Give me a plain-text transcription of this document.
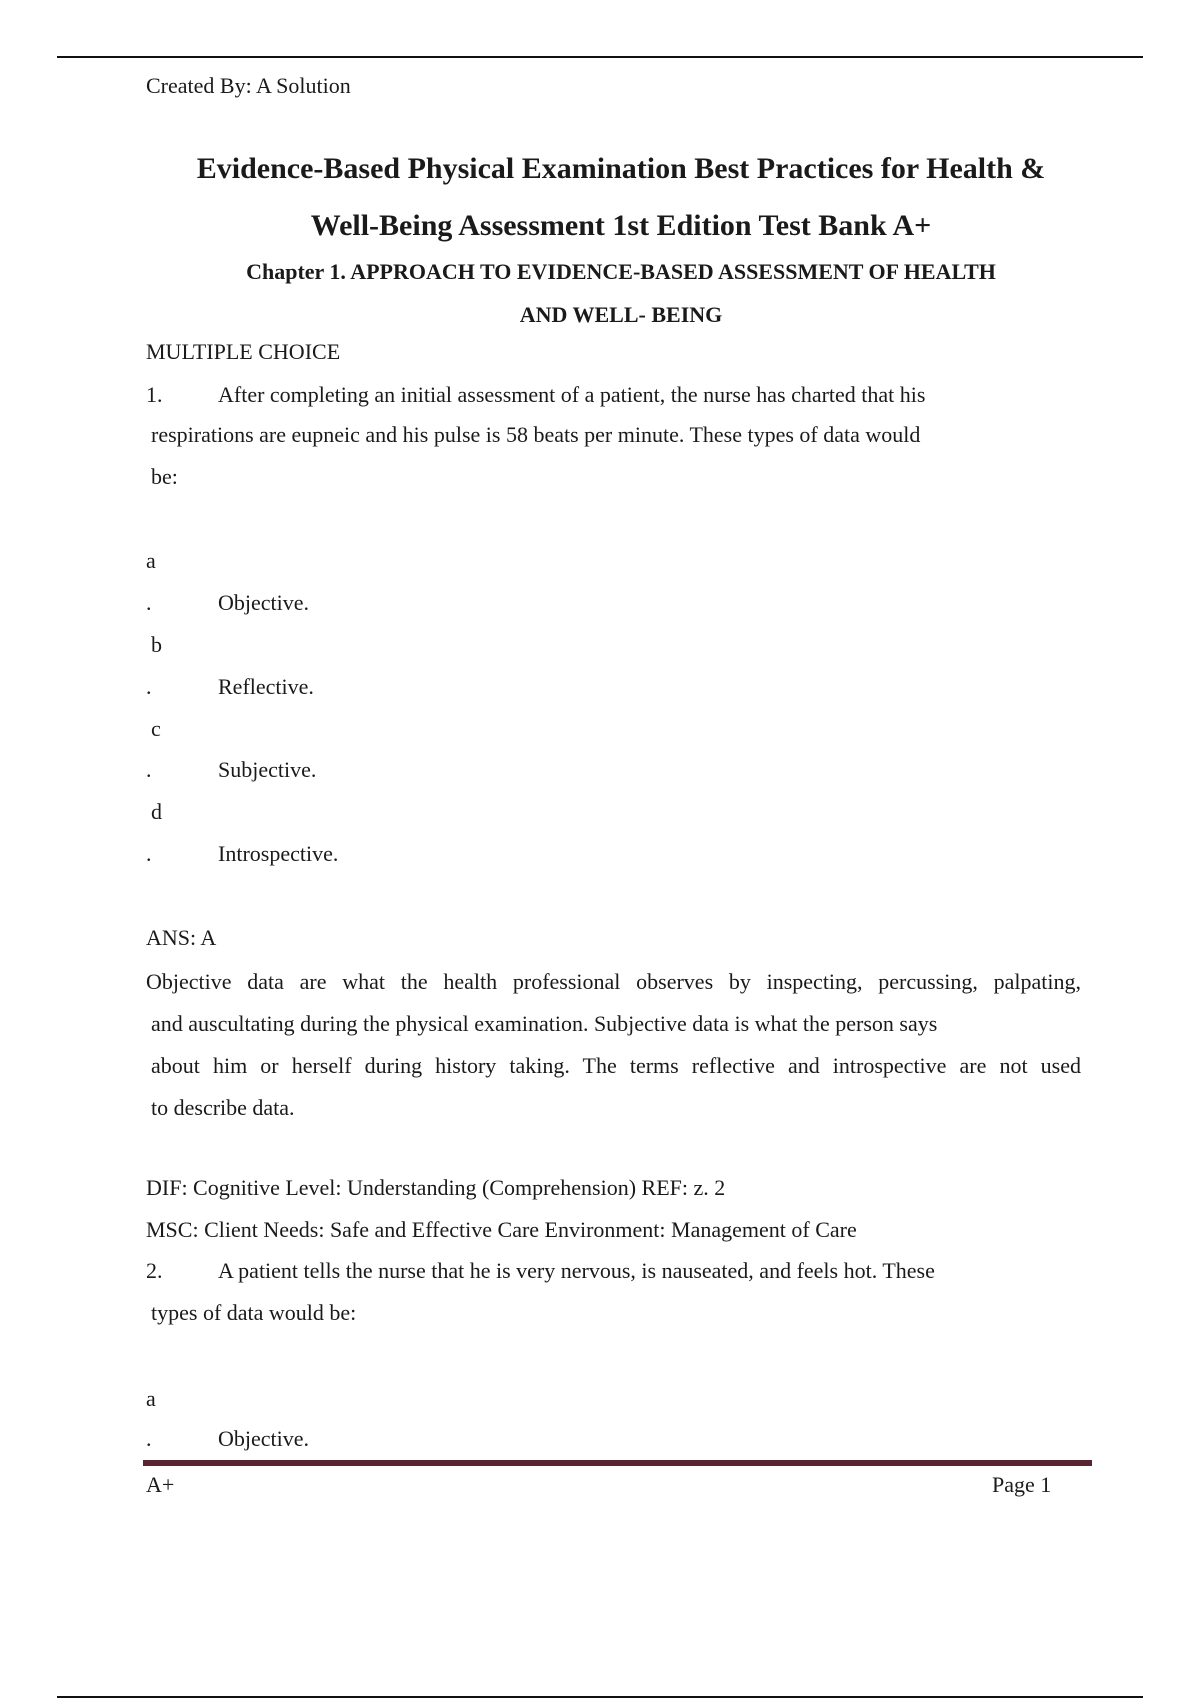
Created By: A Solution
Evidence-Based Physical Examination Best Practices for Health &
Well-Being Assessment 1st Edition Test Bank A+
Chapter 1. APPROACH TO EVIDENCE-BASED ASSESSMENT OF HEALTH
AND WELL- BEING
MULTIPLE CHOICE
1.	After completing an initial assessment of a patient, the nurse has charted that his
respirations are eupneic and his pulse is 58 beats per minute. These types of data would
be:
a
.	Objective.
b
.	Reflective.
c
.	Subjective.
d
.	Introspective.
ANS: A
Objective data are what the health professional observes by inspecting, percussing, palpating,
and auscultating during the physical examination. Subjective data is what the person says
about him or herself during history taking. The terms reflective and introspective are not used
to describe data.
DIF: Cognitive Level: Understanding (Comprehension) REF: z. 2
MSC: Client Needs: Safe and Effective Care Environment: Management of Care
2.	A patient tells the nurse that he is very nervous, is nauseated, and feels hot. These
types of data would be:
a
.	Objective.
A+	Page 1
